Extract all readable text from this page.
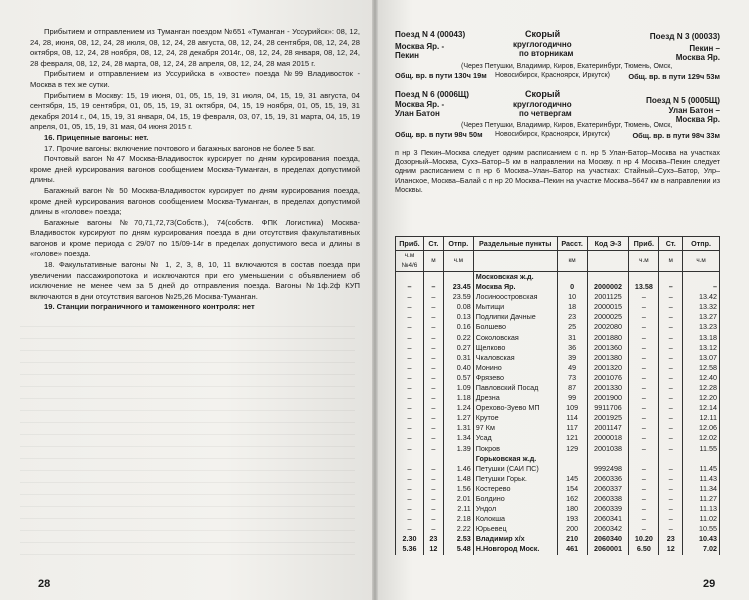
Прибытием и отправлением из Туманган поездом №651 «Туманган - Уссурийск»: 08, 12, 24, 28, июня, 08, 12, 24, 28 июля, 08, 12, 24, 28 августа, 08, 12, 24, 28 сентября, 08, 12, 24, 28 октября, 08, 12, 24, 28 ноября, 08, 12, 24, 28 декабря 2014г., 08, 12, 24, 28 января, 08, 12, 24, 28 февраля, 08, 12, 24, 28 марта, 08, 12, 24, 28 апреля, 08, 12, 24, 28 мая 2015 г.

Прибытием и отправлением из Уссурийска в «хвосте» поезда №99 Владивосток - Москва в тех же сутки.

Прибытием в Москву: 15, 19 июня, 01, 05, 15, 19, 31 июля, 04, 15, 19, 31 августа, 04 сентября, 15, 19 сентября, 01, 05, 15, 19, 31 октября, 04, 15, 19 ноября, 01, 05, 15, 19, 31 декабря 2014 г., 04, 15, 19, 31 января, 04, 15, 19 февраля, 03, 07, 15, 19, 31 марта, 04, 15, 19 апреля, 01, 05, 15, 19, 31 мая, 04 июня 2015 г.

16. Прицепные вагоны: нет.

17. Прочие вагоны: включение почтового и багажных вагонов не более 5 ваг.

Почтовый вагон №47 Москва-Владивосток курсирует по дням курсирования поезда, кроме дней курсирования вагонов сообщением Москва-Туманган, в пределах допустимой длины.

Багажный вагон № 50 Москва-Владивосток курсирует по дням курсирования поезда, кроме дней курсирования вагонов сообщением Москва-Туманган, в пределах допустимой длины в «голове» поезда;

Багажные вагоны №70,71,72,73(Собств.), 74(собств. ФПК Логистика) Москва-Владивосток курсируют по дням курсирования поезда в дни отсутствия факультативных вагонов и кроме периода с 29/07 по 15/09-14г в пределах допустимого веса и длины в «голове» поезда.

18. Факультативные вагоны № 1, 2, 3, 8, 10, 11 включаются в состав поезда при увеличении пассажиропотока и исключаются при его уменьшении с объявлением об исключение не менее чем за 5 дней до отправления поезда. Вагоны №1ф.2ф КУП включаются в дни отсутствия вагонов №25,26 Москва-Туманган.

19. Станции пограничного и таможенного контроля: нет

28	29
Поезд N 4 (00043)	Скорый	Поезд N 3 (00033)
Москва Яр. -
Пекин
круглогодично
по вторникам
Пекин –
Москва Яр.
(Через Петушки, Владимир, Киров, Екатеринбург, Тюмень, Омск,
Общ. вр. в пути 130ч 19м Новосибирск, Красноярск, Иркутск) Общ. вр. в пути 129ч 53м
Поезд N 6 (0006Щ)	Скорый
Поезд N 5 (0005Щ)
Москва Яр. -
Улан Батон
круглогодично
по четвергам	Улан Батон –
Москва Яр.
(Через Петушки, Владимир, Киров, Екатеринбург, Тюмень, Омск,
Общ. вр. в пути 98ч 50м Новосибирск, Красноярск, Иркутск)	Общ. вр. в пути 98ч 33м
п нр 3 Пекин–Москва следует одним расписанием с п. нр 5 Улан-Батор–Москва на участках Дозорный–Москва, Сухэ–Батор–5 км в направлении на Москву. п нр 4 Москва–Пекин следует одним расписанием с п нр 6 Москва–Улан–Батор на участках: Стайный–Сухэ–Батор, Улр–Иланское, Москва–Балай с п нр 20 Москва–Пекин на участке Москва–5647 км в направлении из Москвы.
Приб.	Ст.	Отпр.	Раздельные пункты	Расст.	Код Э-3	Приб.	Ст.	Отпр.
ч.м
№4/6	м	ч.м		км		ч.м	м	ч.м
			Московская ж.д.					
–	–	23.45	Москва Яр.	0	2000002	13.58	–	–
–	–	23.59	Лосиноостровская	10	2001125	–	–	13.42
–	–	0.08	Мытищи	18	2000015	–	–	13.32
–	–	0.13	Подлипки Дачные	23	2000025	–	–	13.27
–	–	0.16	Болшево	25	2002080	–	–	13.23
–	–	0.22	Соколовская	31	2001880	–	–	13.18
–	–	0.27	Щелково	36	2001360	–	–	13.12
–	–	0.31	Чкаловская	39	2001380	–	–	13.07
–	–	0.40	Монино	49	2001320	–	–	12.58
–	–	0.57	Фрязево	73	2001076	–	–	12.40
–	–	1.09	Павловский Посад	87	2001330	–	–	12.28
–	–	1.18	Дрезна	99	2001900	–	–	12.20
–	–	1.24	Орехово-Зуево МП	109	9911706	–	–	12.14
–	–	1.27	Крутое	114	2001925	–	–	12.11
–	–	1.31	97 Км	117	2001147	–	–	12.06
–	–	1.34	Усад	121	2000018	–	–	12.02
–	–	1.39	Покров	129	2001038	–	–	11.55
			Горьковская ж.д.					
–	–	1.46	Петушки (САИ ПС)		9992498	–	–	11.45
–	–	1.48	Петушки Горьк.	145	2060336	–	–	11.43
–	–	1.56	Костерево	154	2060337	–	–	11.34
–	–	2.01	Болдино	162	2060338	–	–	11.27
–	–	2.11	Ундол	180	2060339	–	–	11.13
–	–	2.18	Колокша	193	2060341	–	–	11.02
–	–	2.22	Юрьевец	200	2060342	–	–	10.55
2.30	23	2.53	Владимир х/х	210	2060340	10.20	23	10.43
5.36	12	5.48	Н.Новгород Моск.	461	2060001	6.50	12	7.02
